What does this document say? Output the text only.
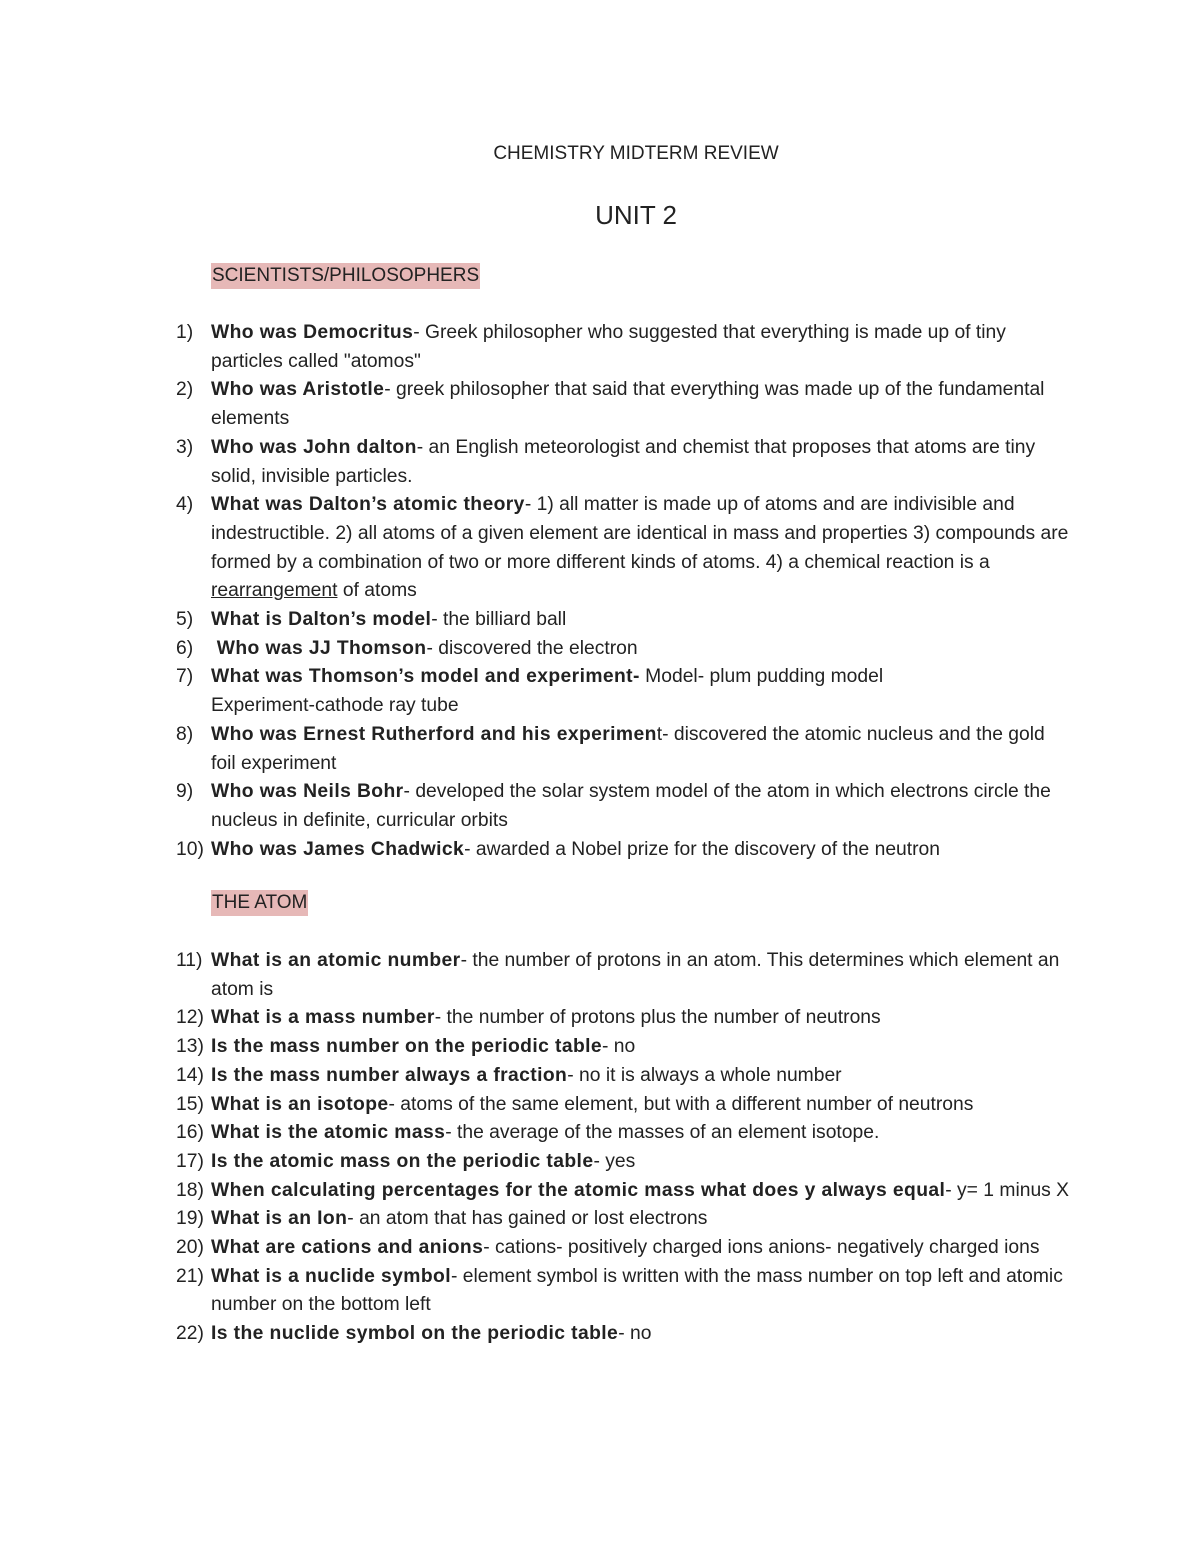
CHEMISTRY MIDTERM REVIEW
UNIT 2
SCIENTISTS/PHILOSOPHERS
1) Who was Democritus- Greek philosopher who suggested that everything is made up of tiny particles called "atomos"
2) Who was Aristotle- greek philosopher that said that everything was made up of the fundamental elements
3) Who was John dalton- an English meteorologist and chemist that proposes that atoms are tiny solid, invisible particles.
4) What was Dalton’s atomic theory- 1) all matter is made up of atoms and are indivisible and indestructible. 2) all atoms of a given element are identical in mass and properties 3) compounds are formed by a combination of two or more different kinds of atoms. 4) a chemical reaction is a rearrangement of atoms
5) What is Dalton’s model- the billiard ball
6) Who was JJ Thomson- discovered the electron
7) What was Thomson’s model and experiment- Model- plum pudding model Experiment-cathode ray tube
8) Who was Ernest Rutherford and his experiment- discovered the atomic nucleus and the gold foil experiment
9) Who was Neils Bohr- developed the solar system model of the atom in which electrons circle the nucleus in definite, curricular orbits
10) Who was James Chadwick- awarded a Nobel prize for the discovery of the neutron
THE ATOM
11) What is an atomic number- the number of protons in an atom. This determines which element an atom is
12) What is a mass number- the number of protons plus the number of neutrons
13) Is the mass number on the periodic table- no
14) Is the mass number always a fraction- no it is always a whole number
15) What is an isotope- atoms of the same element, but with a different number of neutrons
16) What is the atomic mass- the average of the masses of an element isotope.
17) Is the atomic mass on the periodic table- yes
18) When calculating percentages for the atomic mass what does y always equal- y= 1 minus X
19) What is an Ion- an atom that has gained or lost electrons
20) What are cations and anions- cations- positively charged ions anions- negatively charged ions
21) What is a nuclide symbol- element symbol is written with the mass number on top left and atomic number on the bottom left
22) Is the nuclide symbol on the periodic table- no
